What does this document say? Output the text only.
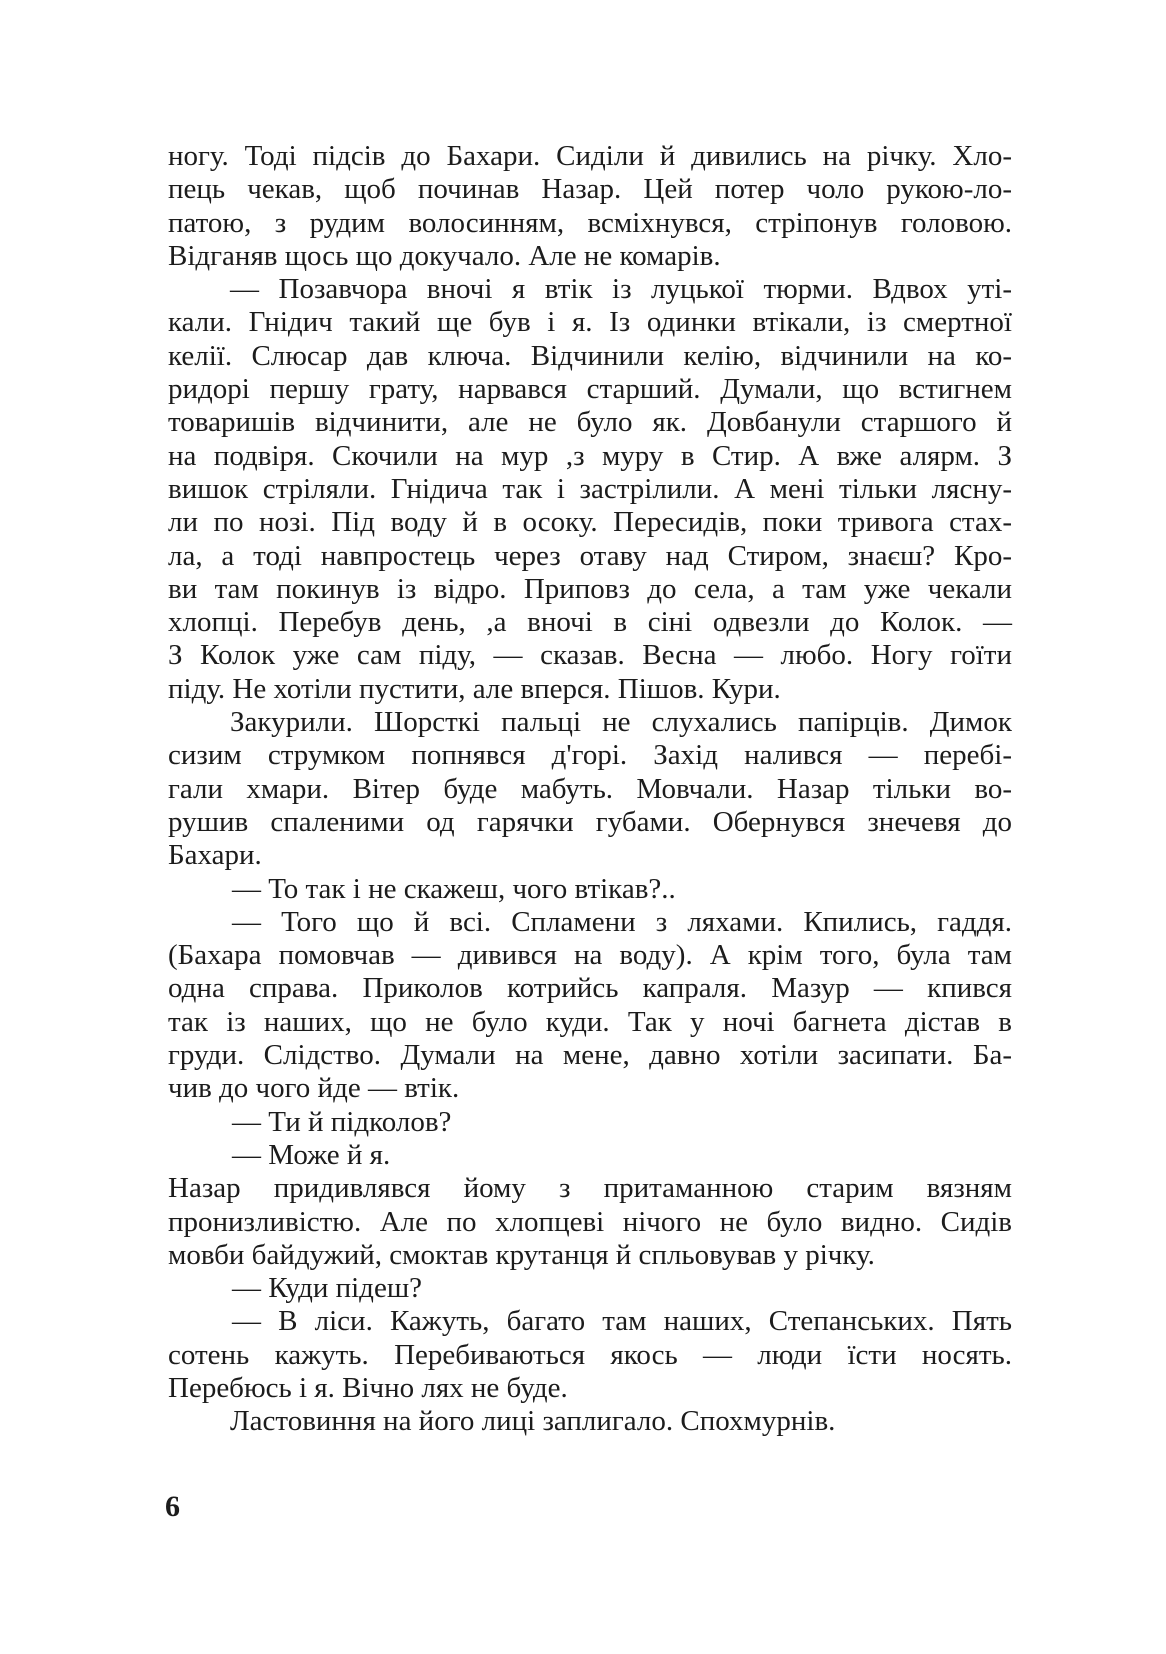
ногу. Тоді підсів до Бахари. Сиділи й дивились на річку. Хло-
пець чекав, щоб починав Назар. Цей потер чоло рукою-ло-
патою, з рудим волосинням, всміхнувся, стріпонув головою.
Відганяв щось що докучало. Але не комарів.
— Позавчора вночі я втік із луцької тюрми. Вдвох уті-
кали. Гнідич такий ще був і я. Із одинки втікали, із смертної
келії. Слюсар дав ключа. Відчинили келію, відчинили на ко-
ридорі першу грату, нарвався старший. Думали, що встигнем
товаришів відчинити, але не було як. Довбанули старшого й
на подвіря. Скочили на мур ,з муру в Стир. А вже алярм. З
вишок стріляли. Гнідича так і застрілили. А мені тільки лясну-
ли по нозі. Під воду й в осоку. Пересидів, поки тривога стах-
ла, а тоді навпростець через отаву над Стиром, знаєш? Кро-
ви там покинув із відро. Приповз до села, а там уже чекали
хлопці. Перебув день, ,а вночі в сіні одвезли до Колок. —
З Колок уже сам піду, — сказав. Весна — любо. Ногу гоїти
піду. Не хотіли пустити, але вперся. Пішов. Кури.
Закурили. Шорсткі пальці не слухались папірців. Димок
сизим струмком попнявся д'горі. Захід налився — перебі-
гали хмари. Вітер буде мабуть. Мовчали. Назар тільки во-
рушив спаленими од гарячки губами. Обернувся знечевя до
Бахари.
— То так і не скажеш, чого втікав?..
— Того що й всі. Спламени з ляхами. Кпились, гаддя.
(Бахара помовчав — дивився на воду). А крім того, була там
одна справа. Приколов котрийсь капраля. Мазур — кпився
так із наших, що не було куди. Так у ночі багнета дістав в
груди. Слідство. Думали на мене, давно хотіли засипати. Ба-
чив до чого йде — втік.
— Ти й підколов?
— Може й я.
Назар придивлявся йому з притаманною старим вязням
пронизливістю. Але по хлопцеві нічого не було видно. Сидів
мовби байдужий, смоктав крутанця й спльовував у річку.
— Куди підеш?
— В ліси. Кажуть, багато там наших, Степанських. Пять
сотень кажуть. Перебиваються якось — люди їсти носять.
Перебюсь і я. Вічно лях не буде.
Ластовиння на його лиці заплигало. Спохмурнів.
6
